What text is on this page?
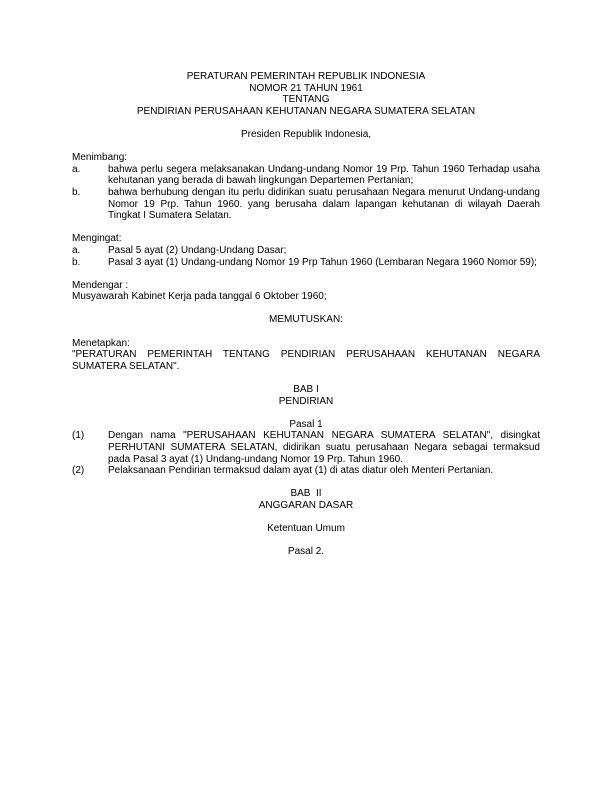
PERATURAN PEMERINTAH REPUBLIK INDONESIA
NOMOR 21 TAHUN 1961
TENTANG
PENDIRIAN PERUSAHAAN KEHUTANAN NEGARA SUMATERA SELATAN
Presiden Republik Indonesia,
Menimbang:
a.	bahwa perlu segera melaksanakan Undang-undang Nomor 19 Prp. Tahun 1960 Terhadap usaha kehutanan yang berada di bawah lingkungan Departemen Pertanian;
b.	bahwa berhubung dengan itu perlu didirikan suatu perusahaan Negara menurut Undang-undang Nomor 19 Prp. Tahun 1960. yang berusaha dalam lapangan kehutanan di wilayah Daerah Tingkat I Sumatera Selatan.
Mengingat:
a.	Pasal 5 ayat (2) Undang-Undang Dasar;
b.	Pasal 3 ayat (1) Undang-undang Nomor 19 Prp Tahun 1960 (Lembaran Negara 1960 Nomor 59);
Mendengar :
Musyawarah Kabinet Kerja pada tanggal 6 Oktober 1960;
MEMUTUSKAN:
Menetapkan:
"PERATURAN PEMERINTAH TENTANG PENDIRIAN PERUSAHAAN KEHUTANAN NEGARA SUMATERA SELATAN".
BAB I
PENDIRIAN
Pasal 1
(1)	Dengan nama "PERUSAHAAN KEHUTANAN NEGARA SUMATERA SELATAN", disingkat PERHUTANI SUMATERA SELATAN, didirikan suatu perusahaan Negara sebagai termaksud pada Pasal 3 ayat (1) Undang-undang Nomor 19 Prp. Tahun 1960.
(2)	Pelaksanaan Pendirian termaksud dalam ayat (1) di atas diatur oleh Menteri Pertanian.
BAB  II
ANGGARAN DASAR
Ketentuan Umum
Pasal 2.
